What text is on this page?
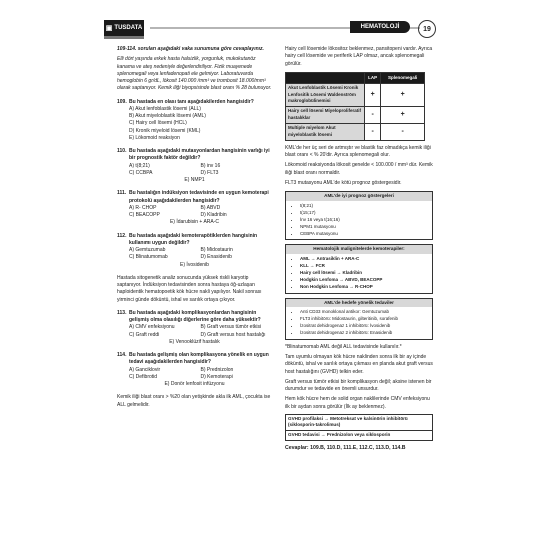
▣ TUSDATA	HEMATOLOJİ	19

109-114. soruları aşağıdaki vaka sunumuna göre cevaplayınız.

Elli dört yaşında erkek hasta halsizlik, yorgunluk, mukokutanöz kanama ve ateş nedeniyle değerlendiriliyor. Fizik muayenede splenomegali veya lenfadenopati ele gelmiyor. Laboratuvarda hemoglobin 6 gr/dL, lökosit 140.000 /mm³ ve trombosit 18.000/mm³ olarak saptanıyor. Kemik iliği biyopsisinde blast oranı % 28 bulunuyor.

109. Bu hastada en olası tanı aşağıdakilerden hangisidir?
A) Akut lenfoblastik lösemi (ALL)
B) Akut miyeloblastik lösemi (AML)
C) Hairy cell lösemi (HCL)
D) Kronik miyeloid lösemi (KML)
E) Lökomoid reaksiyon
110. Bu hastada aşağıdaki mutasyonlardan hangisinin varlığı iyi bir prognostik faktör değildir?
A) t(8;21)	B) inv 16
C) CCBPA	D) FLT3
E) NMP1
111. Bu hastalığın indüksiyon tedavisinde en uygun kemoterapi protokolü aşağıdakilerden hangisidir?
A) R- CHOP	B) ABVD
C) BEACOPP	D) Kladribin
E) İdarubisin + ARA-C
112. Bu hastada aşağıdaki kemoterapötiklerden hangisinin kullanımı uygun değildir?
A) Gemtuzumab	B) Midostaurin
C) Blinatumomab	D) Enasidenib
E) İvosidenib

Hastada sitogenetik analiz sonucunda yüksek riskli karyotip saptanıyor. İndüksiyon tedavisinden sonra hastaya öğ-uzlaşan haploidentik hematopoetik kök hücre nakli yapılıyor. Nakil sonrası yirminci günde döküntü, ishal ve sarılık ortaya çıkıyor.

113. Bu hastada aşağıdaki komplikasyonlardan hangisinin gelişmiş olma olasılığı diğerlerine göre daha yüksektir?
A) CMV enfeksiyonu	B) Graft versus tümör etkisi
C) Graft reddi	D) Graft versus host hastalığı
E) Venooklüzif hastalık
114. Bu hastada gelişmiş olan komplikasyona yönelik en uygun tedavi aşağıdakilerden hangisidir?
A) Ganciklovir	B) Prednizolon
C) Defibrotid	D) Kemoterapi
E) Donör lenfosit infüzyonu

Kemik iliği blast oranı > %20 olan yetişkinde akla ilk AML, çocukta ise ALL gelmelidir.

Hairy cell lösemide lökositoz beklenmez, pansitopeni vardır. Ayrıca hairy cell lösemide ve periferik LAP olmaz, ancak splenomegali görülür.

	LAP	Splenomegali
Akut Lenfoblastik Lösemi Kronik Lenfositik Lösemi Waldenström makroglobülinemisi	+	+
Hairy cell lösemi Miyeloproliferatif hastalıklar	-	+
Multiple miyelom Akut miyeloblastik lösemi	-	-

KML'de her üç seri de artmıştır ve blastik faz olmadıkça kemik iliği blast oranı < % 20'dir. Ayrıca splenomegali olur.

Lökomoid reaksiyonda lökosit genelde < 100.000 / mm³ dür. Kemik iliği blast oranı normaldir.

FLT3 mutasyonu AML'de kötü prognoz göstergesidir.

AML'de iyi prognoz göstergeleri
• t(8;21)
• t(15;17)
• İnv 16 veya t(16;16)
• NPM1 mutasyonu
• CEBPA mutasyonu
Hematolojik malignitelerde kemoterapiler:
• AML → Antrasiklin + ARA-C
• KLL → FCR
• Hairy cell lösemi → Kladribin
• Hodgkin Lenfoma → ABVD, BEACOPP
• Non Hodgkin Lenfoma → R-CHOP
AML'de hedefe yönelik tedaviler
• Anti CD33 monoklonal antikor: Gemtuzumab
• FLT3 inhibitörü: Midostaurin, gilteritinib, sorafenib
• İzositrat dehidrogenaz 1 inhibitörü: İvosidenib
• İzositrat dehidrogenaz 2 inhibitörü: Enasidenib

*Blinatumomab AML değil ALL tedavisinde kullanılır.*

Tam uyumlu olmayan kök hücre naklinden sonra ilk bir ay içinde döküntü, ishal ve sarılık ortaya çıkması en planda akut graft versus host hastalığını (GVHD) telkin eder.

Graft versus tümör etkisi bir komplikasyon değil; aksine istenen bir durumdur ve tedavide en önemli unsurdur.

Hem kök hücre hem de solid organ naklilerinde CMV enfeksiyonu ilk bir aydan sonra görülür (İlk ay beklenmez).

GVHD profilaksi → Metotreksat ve kalsinörin inhibitörü (siklosporin-takrolimus)
GVHD tedavisi → Prednizolon veya siklosporin

Cevaplar: 109.B, 110.D, 111.E, 112.C, 113.D, 114.B
